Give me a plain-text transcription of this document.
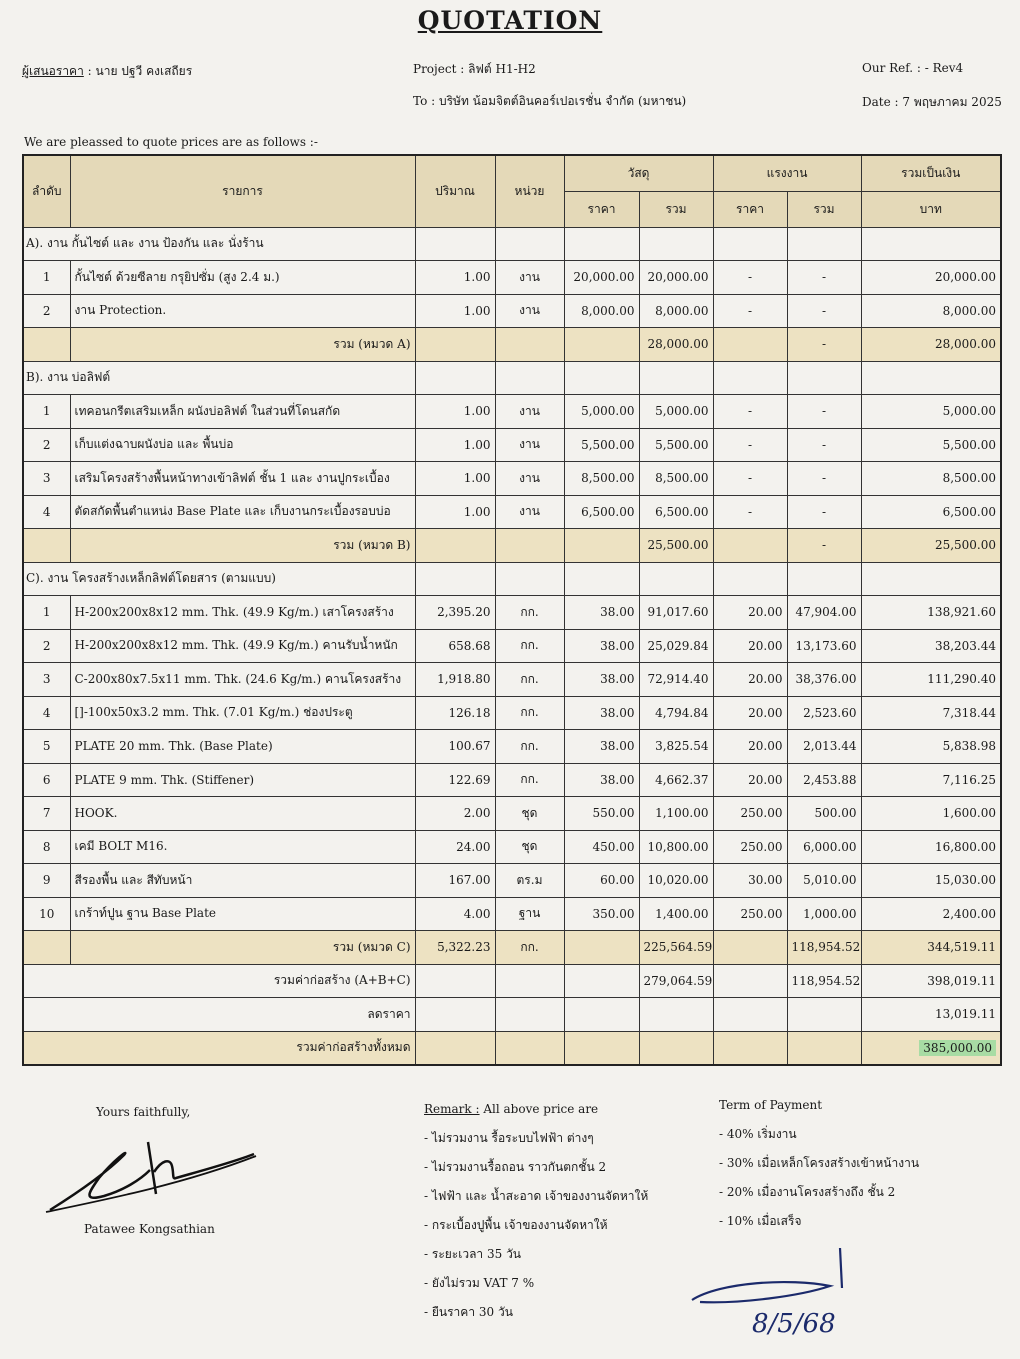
QUOTATION
ผู้เสนอราคา : นาย ปฐวี คงเสถียร	Project : ลิฟต์ H1-H2
To : บริษัท น้อมจิตต์อินคอร์เปอเรชั่น จำกัด (มหาชน)
Our Ref. : - Rev4
Date : 7 พฤษภาคม 2025
We are pleassed to quote prices are as follows :-
ลำดับ	รายการ	ปริมาณ	หน่วย	วัสดุ		แรงงาน		รวมเป็นเงิน
				ราคา	รวม	ราคา	รวม	บาท
A). งาน กั้นไซต์ และ งาน ป้องกัน และ นั่งร้าน								
1	กั้นไซต์ ด้วยซีลาย กรุยิปซั่ม (สูง 2.4 ม.)	1.00	งาน	20,000.00	20,000.00	-	-	20,000.00
2	งาน Protection.	1.00	งาน	8,000.00	8,000.00	-	-	8,000.00
	รวม (หมวด A)				28,000.00		-	28,000.00
B). งาน บ่อลิฟต์								
1	เทคอนกรีตเสริมเหล็ก ผนังบ่อลิฟต์ ในส่วนที่โดนสกัด	1.00	งาน	5,000.00	5,000.00	-	-	5,000.00
2	เก็บแต่งฉาบผนังบ่อ และ พื้นบ่อ	1.00	งาน	5,500.00	5,500.00	-	-	5,500.00
3	เสริมโครงสร้างพื้นหน้าทางเข้าลิฟต์ ชั้น 1 และ งานปูกระเบื้อง	1.00	งาน	8,500.00	8,500.00	-	-	8,500.00
4	ตัดสกัดพื้นตำแหน่ง Base Plate และ เก็บงานกระเบื้องรอบบ่อ	1.00	งาน	6,500.00	6,500.00	-	-	6,500.00
	รวม (หมวด B)				25,500.00		-	25,500.00
C). งาน โครงสร้างเหล็กลิฟต์โดยสาร (ตามแบบ)								
1	H-200x200x8x12 mm. Thk. (49.9 Kg/m.) เสาโครงสร้าง	2,395.20	กก.	38.00	91,017.60	20.00	47,904.00	138,921.60
2	H-200x200x8x12 mm. Thk. (49.9 Kg/m.) คานรับน้ำหนัก	658.68	กก.	38.00	25,029.84	20.00	13,173.60	38,203.44
3	C-200x80x7.5x11 mm. Thk. (24.6 Kg/m.) คานโครงสร้าง	1,918.80	กก.	38.00	72,914.40	20.00	38,376.00	111,290.40
4	[]-100x50x3.2 mm. Thk. (7.01 Kg/m.) ช่องประตู	126.18	กก.	38.00	4,794.84	20.00	2,523.60	7,318.44
5	PLATE 20 mm. Thk. (Base Plate)	100.67	กก.	38.00	3,825.54	20.00	2,013.44	5,838.98
6	PLATE 9 mm. Thk. (Stiffener)	122.69	กก.	38.00	4,662.37	20.00	2,453.88	7,116.25
7	HOOK.	2.00	ชุด	550.00	1,100.00	250.00	500.00	1,600.00
8	เคมี BOLT M16.	24.00	ชุด	450.00	10,800.00	250.00	6,000.00	16,800.00
9	สีรองพื้น และ สีทับหน้า	167.00	ตร.ม	60.00	10,020.00	30.00	5,010.00	15,030.00
10	เกร้าท์ปูน ฐาน Base Plate	4.00	ฐาน	350.00	1,400.00	250.00	1,000.00	2,400.00
	รวม (หมวด C)	5,322.23	กก.		225,564.59		118,954.52	344,519.11
รวมค่าก่อสร้าง (A+B+C)					279,064.59		118,954.52	398,019.11
ลดราคา								13,019.11
รวมค่าก่อสร้างทั้งหมด								385,000.00
Yours faithfully,
Patawee Kongsathian
Remark : All above price are
- ไม่รวมงาน รื้อระบบไฟฟ้า ต่างๆ
- ไม่รวมงานรื้อถอน ราวกันตกชั้น 2
- ไฟฟ้า และ น้ำสะอาด เจ้าของงานจัดหาให้
- กระเบื้องปูพื้น เจ้าของงานจัดหาให้
- ระยะเวลา 35 วัน
- ยังไม่รวม VAT 7 %
- ยืนราคา 30 วัน
Term of Payment
- 40% เริ่มงาน
- 30% เมื่อเหล็กโครงสร้างเข้าหน้างาน
- 20% เมื่องานโครงสร้างถึง ชั้น 2
- 10% เมื่อเสร็จ
8/5/68
